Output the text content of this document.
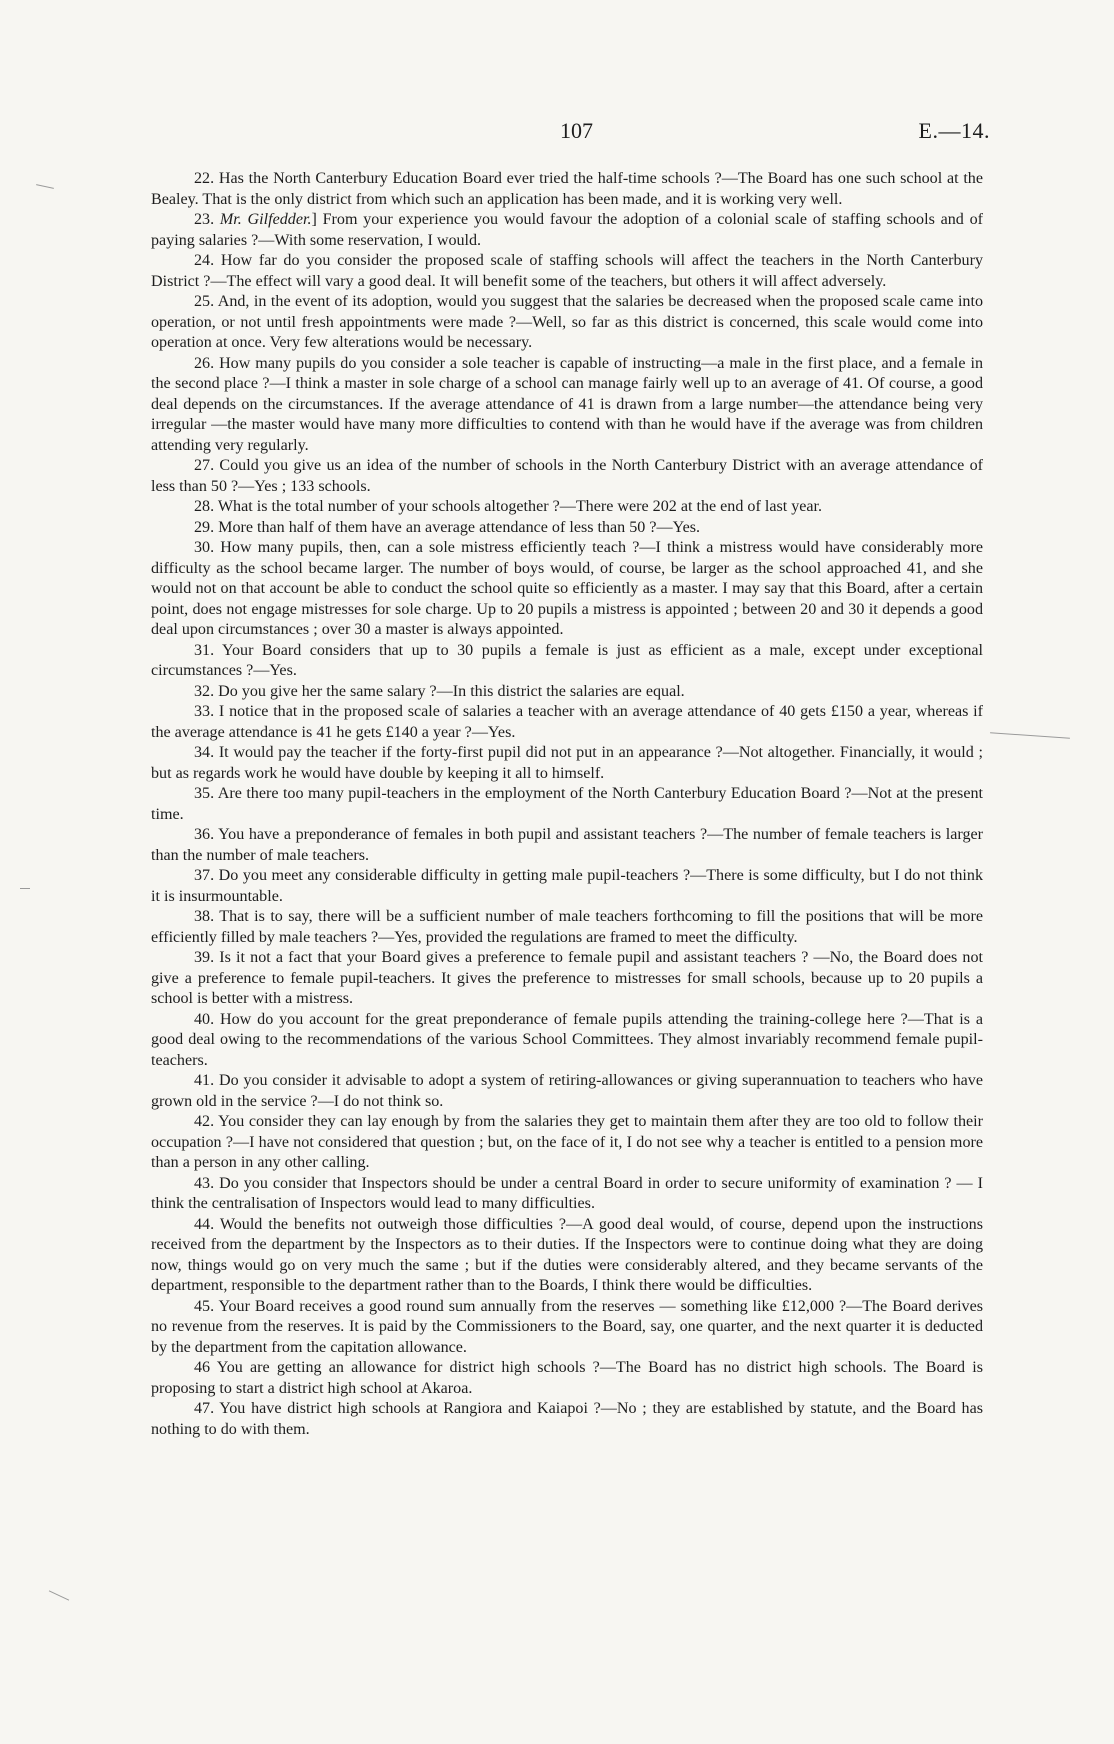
107	E.—14.

22. Has the North Canterbury Education Board ever tried the half-time schools ?—The Board has one such school at the Bealey. That is the only district from which such an application has been made, and it is working very well.

23. Mr. Gilfedder.] From your experience you would favour the adoption of a colonial scale of staffing schools and of paying salaries ?—With some reservation, I would.

24. How far do you consider the proposed scale of staffing schools will affect the teachers in the North Canterbury District ?—The effect will vary a good deal. It will benefit some of the teachers, but others it will affect adversely.

25. And, in the event of its adoption, would you suggest that the salaries be decreased when the proposed scale came into operation, or not until fresh appointments were made ?—Well, so far as this district is concerned, this scale would come into operation at once. Very few alterations would be necessary.

26. How many pupils do you consider a sole teacher is capable of instructing—a male in the first place, and a female in the second place ?—I think a master in sole charge of a school can manage fairly well up to an average of 41. Of course, a good deal depends on the circumstances. If the average attendance of 41 is drawn from a large number—the attendance being very irregular —the master would have many more difficulties to contend with than he would have if the average was from children attending very regularly.

27. Could you give us an idea of the number of schools in the North Canterbury District with an average attendance of less than 50 ?—Yes ; 133 schools.

28. What is the total number of your schools altogether ?—There were 202 at the end of last year.

29. More than half of them have an average attendance of less than 50 ?—Yes.

30. How many pupils, then, can a sole mistress efficiently teach ?—I think a mistress would have considerably more difficulty as the school became larger. The number of boys would, of course, be larger as the school approached 41, and she would not on that account be able to conduct the school quite so efficiently as a master. I may say that this Board, after a certain point, does not engage mistresses for sole charge. Up to 20 pupils a mistress is appointed ; between 20 and 30 it depends a good deal upon circumstances ; over 30 a master is always appointed.

31. Your Board considers that up to 30 pupils a female is just as efficient as a male, except under exceptional circumstances ?—Yes.

32. Do you give her the same salary ?—In this district the salaries are equal.

33. I notice that in the proposed scale of salaries a teacher with an average attendance of 40 gets £150 a year, whereas if the average attendance is 41 he gets £140 a year ?—Yes.

34. It would pay the teacher if the forty-first pupil did not put in an appearance ?—Not altogether. Financially, it would ; but as regards work he would have double by keeping it all to himself.

35. Are there too many pupil-teachers in the employment of the North Canterbury Education Board ?—Not at the present time.

36. You have a preponderance of females in both pupil and assistant teachers ?—The number of female teachers is larger than the number of male teachers.

37. Do you meet any considerable difficulty in getting male pupil-teachers ?—There is some difficulty, but I do not think it is insurmountable.

38. That is to say, there will be a sufficient number of male teachers forthcoming to fill the positions that will be more efficiently filled by male teachers ?—Yes, provided the regulations are framed to meet the difficulty.

39. Is it not a fact that your Board gives a preference to female pupil and assistant teachers ? —No, the Board does not give a preference to female pupil-teachers. It gives the preference to mistresses for small schools, because up to 20 pupils a school is better with a mistress.

40. How do you account for the great preponderance of female pupils attending the training-college here ?—That is a good deal owing to the recommendations of the various School Committees. They almost invariably recommend female pupil-teachers.

41. Do you consider it advisable to adopt a system of retiring-allowances or giving superannuation to teachers who have grown old in the service ?—I do not think so.

42. You consider they can lay enough by from the salaries they get to maintain them after they are too old to follow their occupation ?—I have not considered that question ; but, on the face of it, I do not see why a teacher is entitled to a pension more than a person in any other calling.

43. Do you consider that Inspectors should be under a central Board in order to secure uniformity of examination ? — I think the centralisation of Inspectors would lead to many difficulties.

44. Would the benefits not outweigh those difficulties ?—A good deal would, of course, depend upon the instructions received from the department by the Inspectors as to their duties. If the Inspectors were to continue doing what they are doing now, things would go on very much the same ; but if the duties were considerably altered, and they became servants of the department, responsible to the department rather than to the Boards, I think there would be difficulties.

45. Your Board receives a good round sum annually from the reserves — something like £12,000 ?—The Board derives no revenue from the reserves. It is paid by the Commissioners to the Board, say, one quarter, and the next quarter it is deducted by the department from the capitation allowance.

46 You are getting an allowance for district high schools ?—The Board has no district high schools. The Board is proposing to start a district high school at Akaroa.

47. You have district high schools at Rangiora and Kaiapoi ?—No ; they are established by statute, and the Board has nothing to do with them.
